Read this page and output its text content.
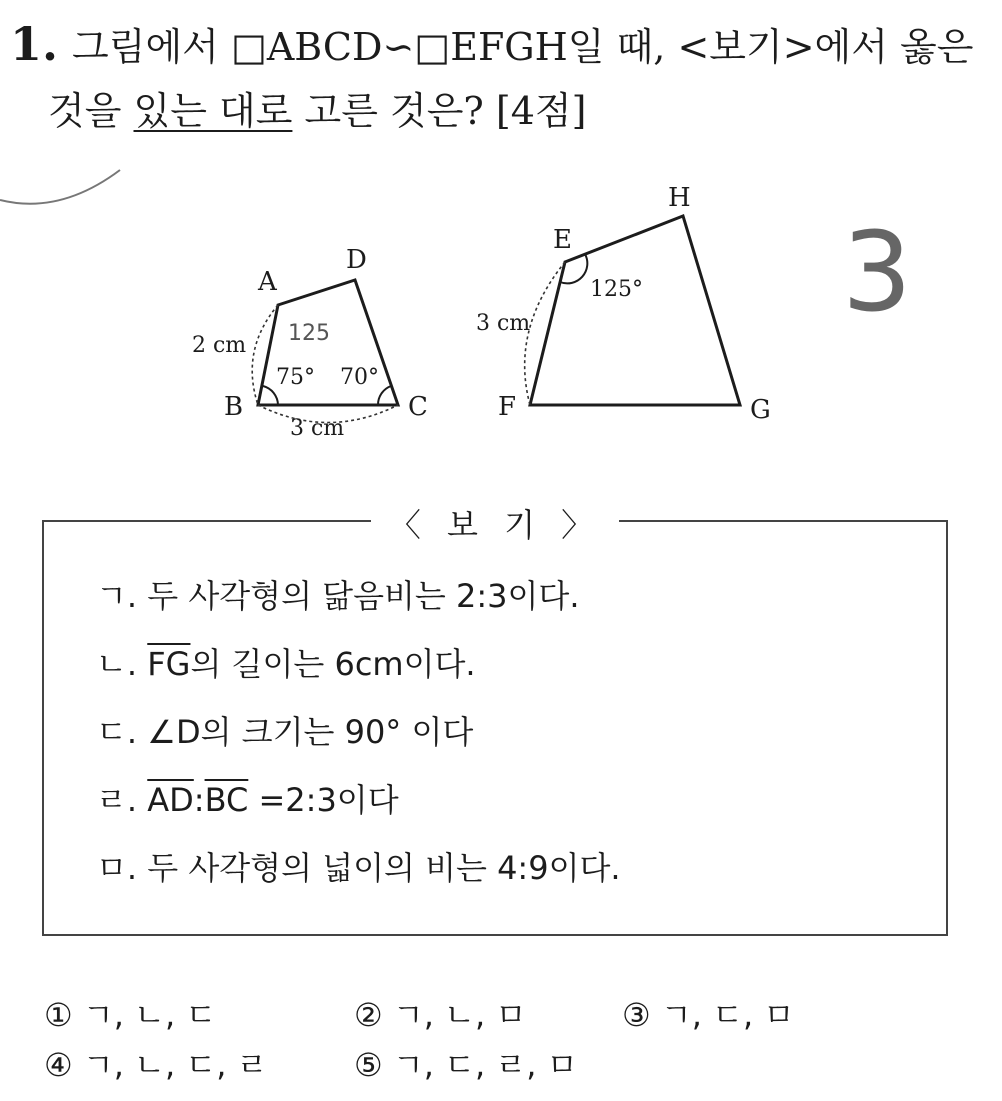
1. 그림에서 □ABCD∽□EFGH일 때, <보기>에서 옳은
것을 있는 대로 고른 것은? [4점]
A
B	C
D
2 cm
3 cm
75° 70°
125
E
F	G
H
3 cm
125° 3
〈 보 기 〉
ㄱ. 두 사각형의 닮음비는 2:3이다.
ㄴ. $\overline{FG}$의 길이는 6cm이다.
ㄷ. ∠D의 크기는 90° 이다
ㄹ. $\overline{AD}:\overline{BC}$ =2:3이다
ㅁ. 두 사각형의 넓이의 비는 4:9이다.
① ㄱ, ㄴ, ㄷ	② ㄱ, ㄴ, ㅁ	③ ㄱ, ㄷ, ㅁ
④ ㄱ, ㄴ, ㄷ, ㄹ	⑤ ㄱ, ㄷ, ㄹ, ㅁ
